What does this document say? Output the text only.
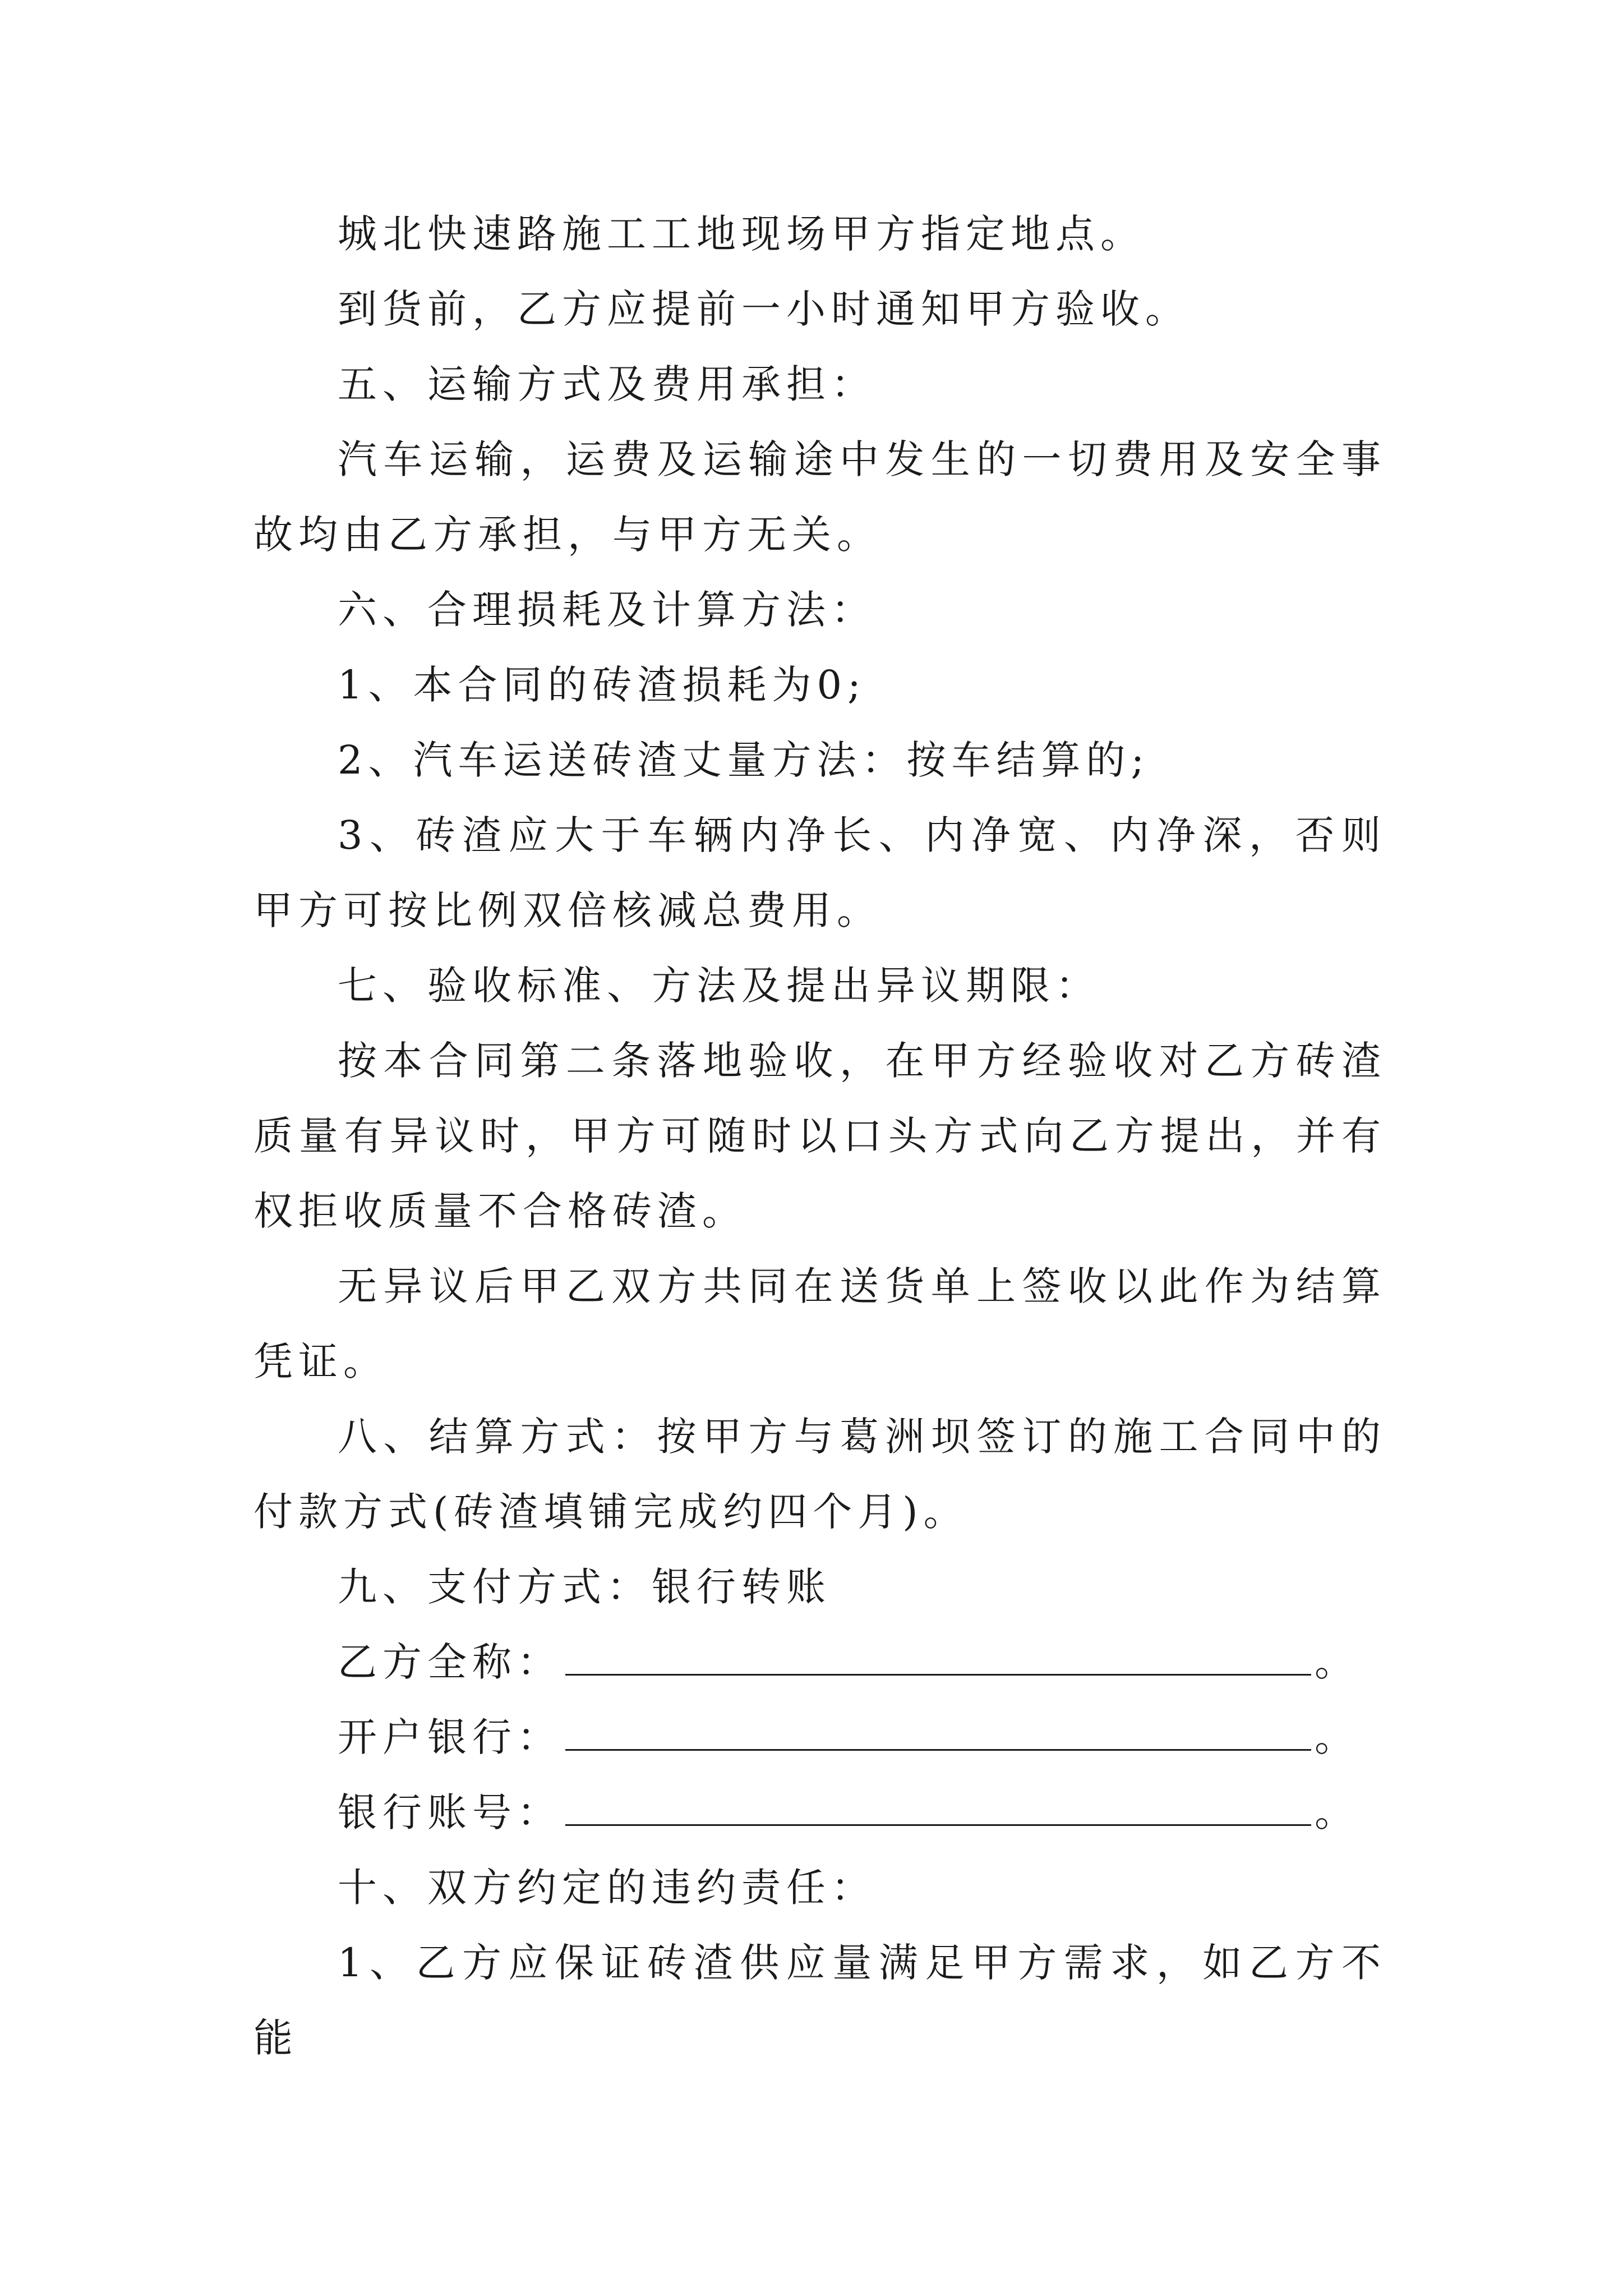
城北快速路施工工地现场甲方指定地点。

到货前，乙方应提前一小时通知甲方验收。

五、运输方式及费用承担：

汽车运输，运费及运输途中发生的一切费用及安全事故均由乙方承担，与甲方无关。

六、合理损耗及计算方法：

1、本合同的砖渣损耗为0;

2、汽车运送砖渣丈量方法：按车结算的;

3、砖渣应大于车辆内净长、内净宽、内净深，否则甲方可按比例双倍核减总费用。

七、验收标准、方法及提出异议期限：

按本合同第二条落地验收，在甲方经验收对乙方砖渣质量有异议时，甲方可随时以口头方式向乙方提出，并有权拒收质量不合格砖渣。

无异议后甲乙双方共同在送货单上签收以此作为结算凭证。

八、结算方式：按甲方与葛洲坝签订的施工合同中的付款方式(砖渣填铺完成约四个月)。

九、支付方式：银行转账

乙方全称：	。
开户银行：	。
银行账号：	。

十、双方约定的违约责任：

1、乙方应保证砖渣供应量满足甲方需求，如乙方不能
